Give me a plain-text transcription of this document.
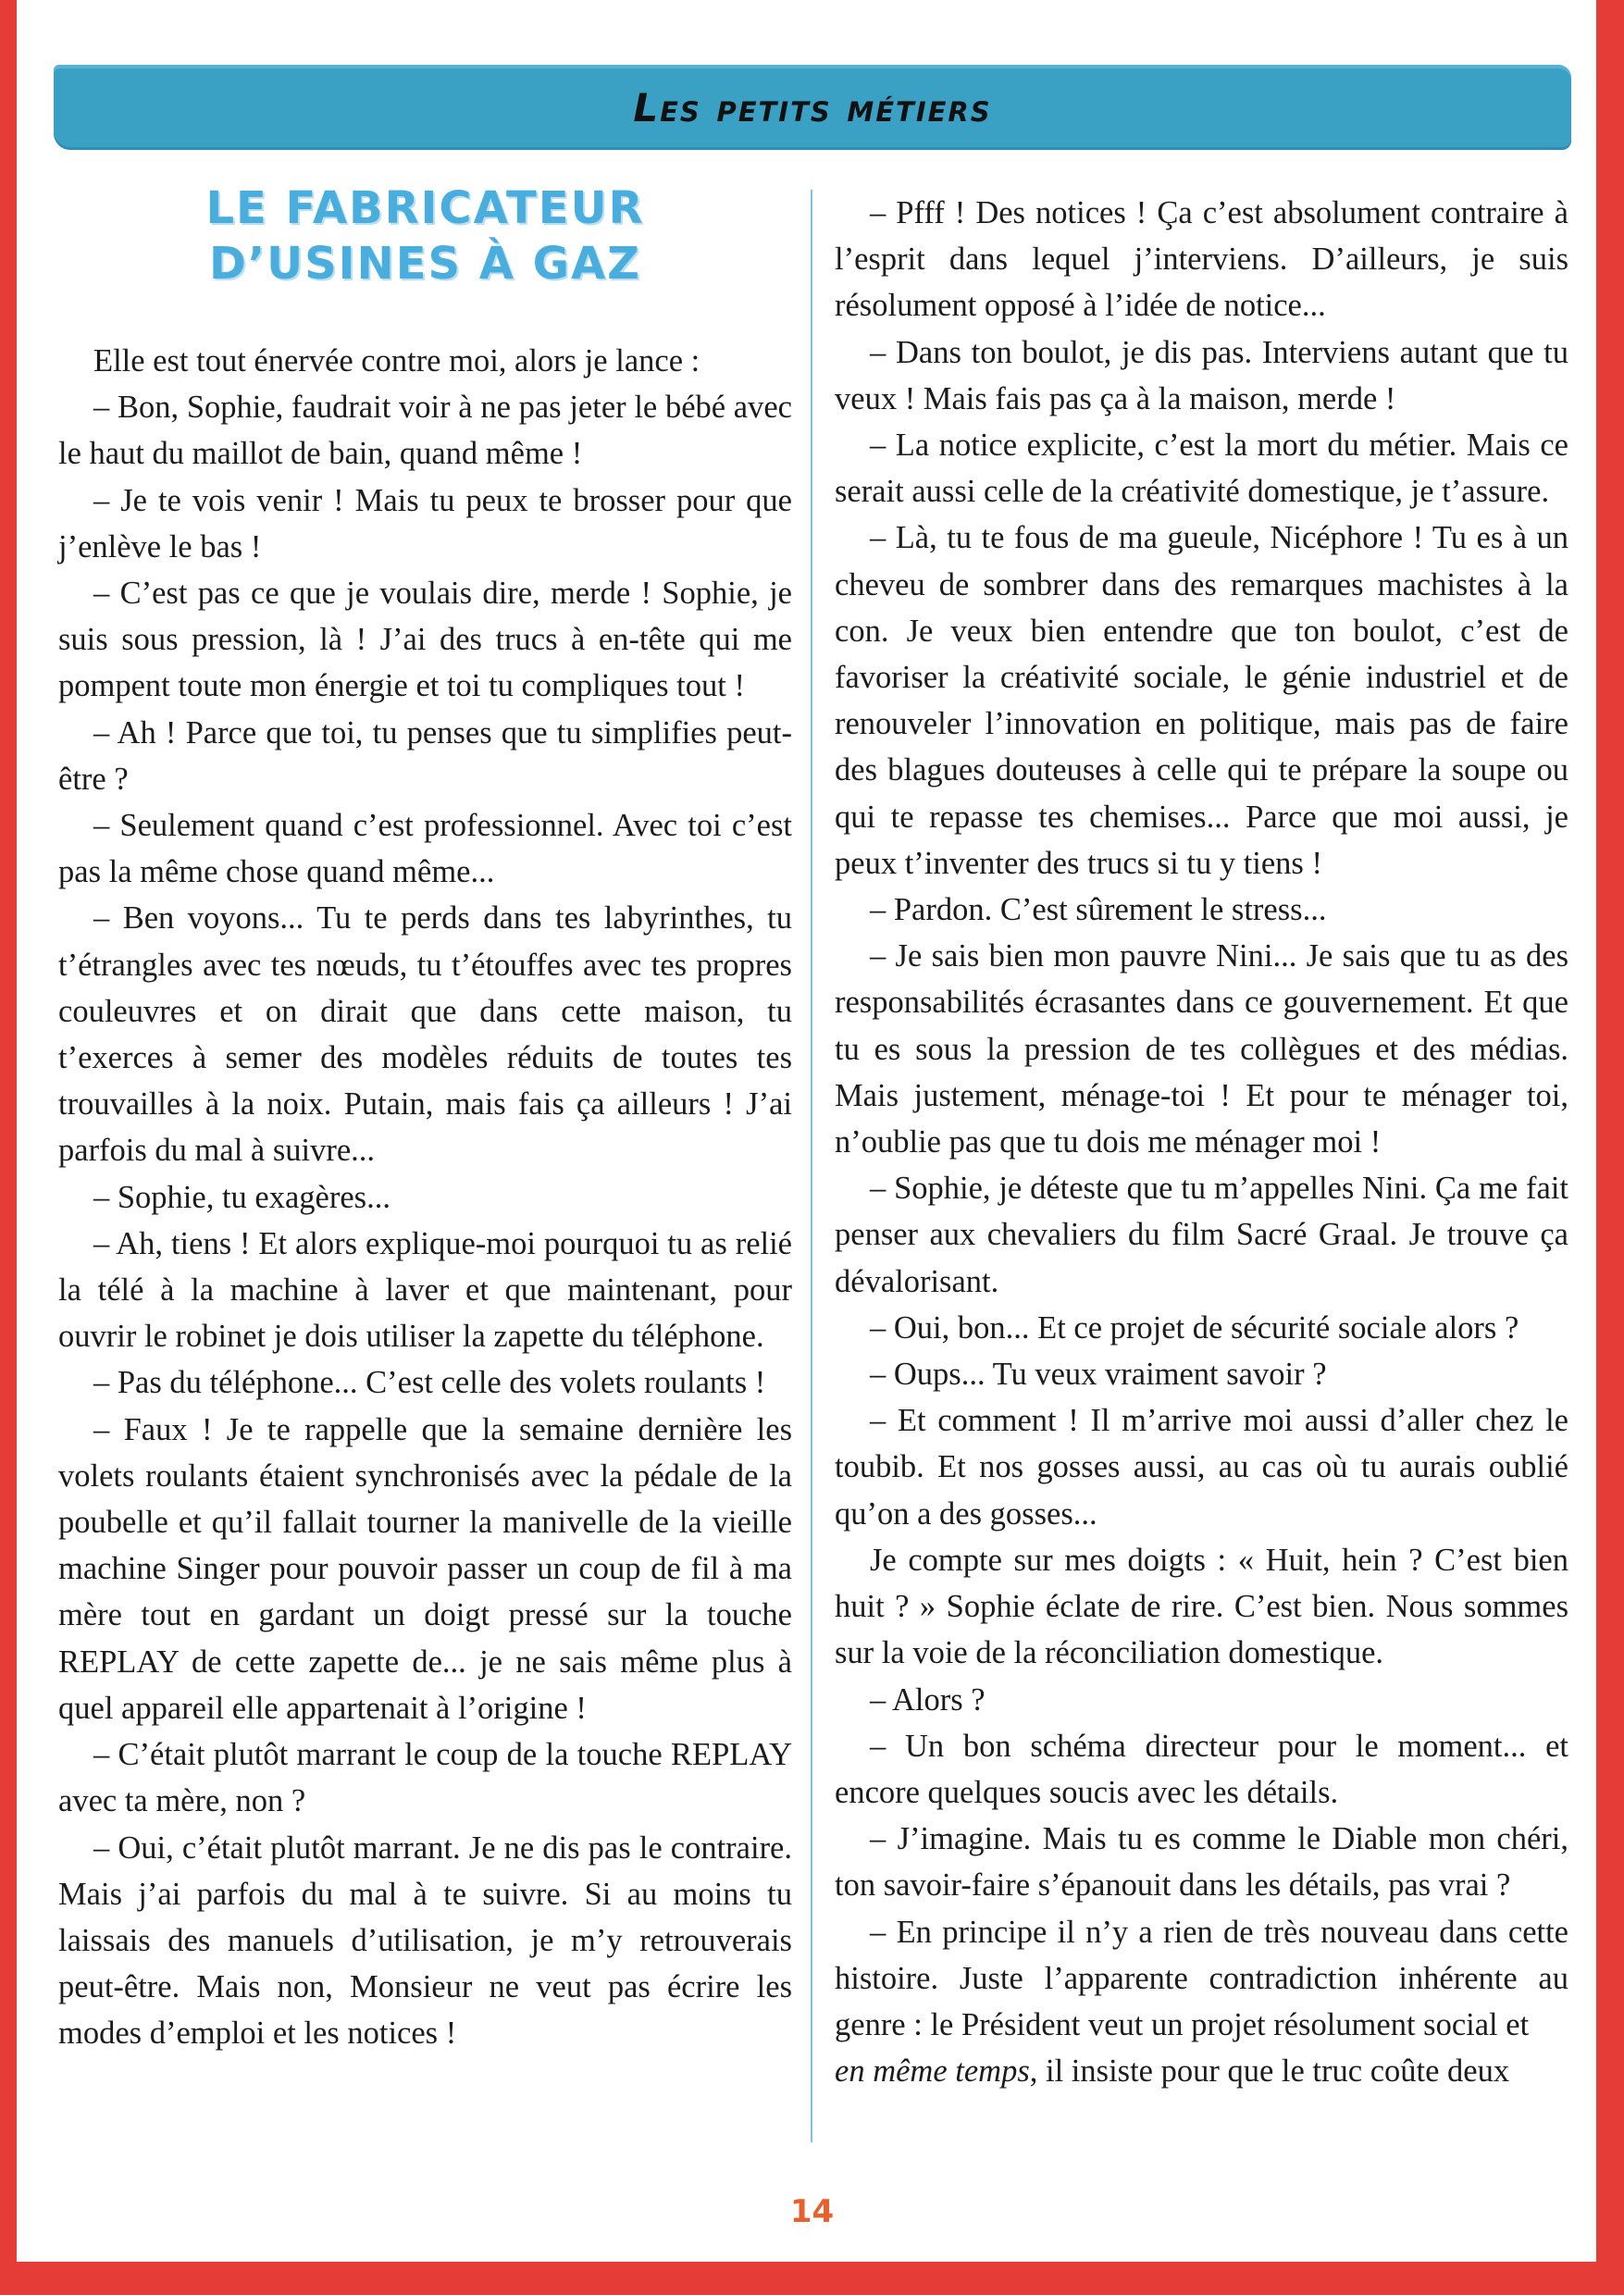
Les petits métiers
LE FABRICATEUR
D’USINES À GAZ

Elle est tout énervée contre moi, alors je lance :

– Bon, Sophie, faudrait voir à ne pas jeter le bébé avec le haut du maillot de bain, quand même !

– Je te vois venir ! Mais tu peux te brosser pour que j’enlève le bas !

– C’est pas ce que je voulais dire, merde ! Sophie, je suis sous pression, là ! J’ai des trucs à en-tête qui me pompent toute mon énergie et toi tu compliques tout !

– Ah ! Parce que toi, tu penses que tu simplifies peut-être ?

– Seulement quand c’est professionnel. Avec toi c’est pas la même chose quand même...

– Ben voyons... Tu te perds dans tes labyrinthes, tu t’étrangles avec tes nœuds, tu t’étouffes avec tes propres couleuvres et on dirait que dans cette maison, tu t’exerces à semer des modèles réduits de toutes tes trouvailles à la noix. Putain, mais fais ça ailleurs ! J’ai parfois du mal à suivre...

– Sophie, tu exagères...

– Ah, tiens ! Et alors explique-moi pourquoi tu as relié la télé à la machine à laver et que maintenant, pour ouvrir le robinet je dois utiliser la zapette du téléphone.

– Pas du téléphone... C’est celle des volets roulants !

– Faux ! Je te rappelle que la semaine dernière les volets roulants étaient synchronisés avec la pédale de la poubelle et qu’il fallait tourner la manivelle de la vieille machine Singer pour pouvoir passer un coup de fil à ma mère tout en gardant un doigt pressé sur la touche REPLAY de cette zapette de... je ne sais même plus à quel appareil elle appartenait à l’origine !

– C’était plutôt marrant le coup de la touche REPLAY avec ta mère, non ?

– Oui, c’était plutôt marrant. Je ne dis pas le contraire. Mais j’ai parfois du mal à te suivre. Si au moins tu laissais des manuels d’utilisation, je m’y retrouverais peut-être. Mais non, Monsieur ne veut pas écrire les modes d’emploi et les notices !

– Pfff ! Des notices ! Ça c’est absolument contraire à l’esprit dans lequel j’interviens. D’ailleurs, je suis résolument opposé à l’idée de notice...

– Dans ton boulot, je dis pas. Interviens autant que tu veux ! Mais fais pas ça à la maison, merde !

– La notice explicite, c’est la mort du métier. Mais ce serait aussi celle de la créativité domestique, je t’assure.

– Là, tu te fous de ma gueule, Nicéphore ! Tu es à un cheveu de sombrer dans des remarques machistes à la con. Je veux bien entendre que ton boulot, c’est de favoriser la créativité sociale, le génie industriel et de renouveler l’innovation en politique, mais pas de faire des blagues douteuses à celle qui te prépare la soupe ou qui te repasse tes chemises... Parce que moi aussi, je peux t’inventer des trucs si tu y tiens !

– Pardon. C’est sûrement le stress...

– Je sais bien mon pauvre Nini... Je sais que tu as des responsabilités écrasantes dans ce gouvernement. Et que tu es sous la pression de tes collègues et des médias. Mais justement, ménage-toi ! Et pour te ménager toi, n’oublie pas que tu dois me ménager moi !

– Sophie, je déteste que tu m’appelles Nini. Ça me fait penser aux chevaliers du film Sacré Graal. Je trouve ça dévalorisant.

– Oui, bon... Et ce projet de sécurité sociale alors ?

– Oups... Tu veux vraiment savoir ?

– Et comment ! Il m’arrive moi aussi d’aller chez le toubib. Et nos gosses aussi, au cas où tu aurais oublié qu’on a des gosses...

Je compte sur mes doigts : « Huit, hein ? C’est bien huit ? » Sophie éclate de rire. C’est bien. Nous sommes sur la voie de la réconciliation domestique.

– Alors ?

– Un bon schéma directeur pour le moment... et encore quelques soucis avec les détails.

– J’imagine. Mais tu es comme le Diable mon chéri, ton savoir-faire s’épanouit dans les détails, pas vrai ?

– En principe il n’y a rien de très nouveau dans cette histoire. Juste l’apparente contradiction inhérente au genre : le Président veut un projet résolument social et

en même temps, il insiste pour que le truc coûte deux

14
